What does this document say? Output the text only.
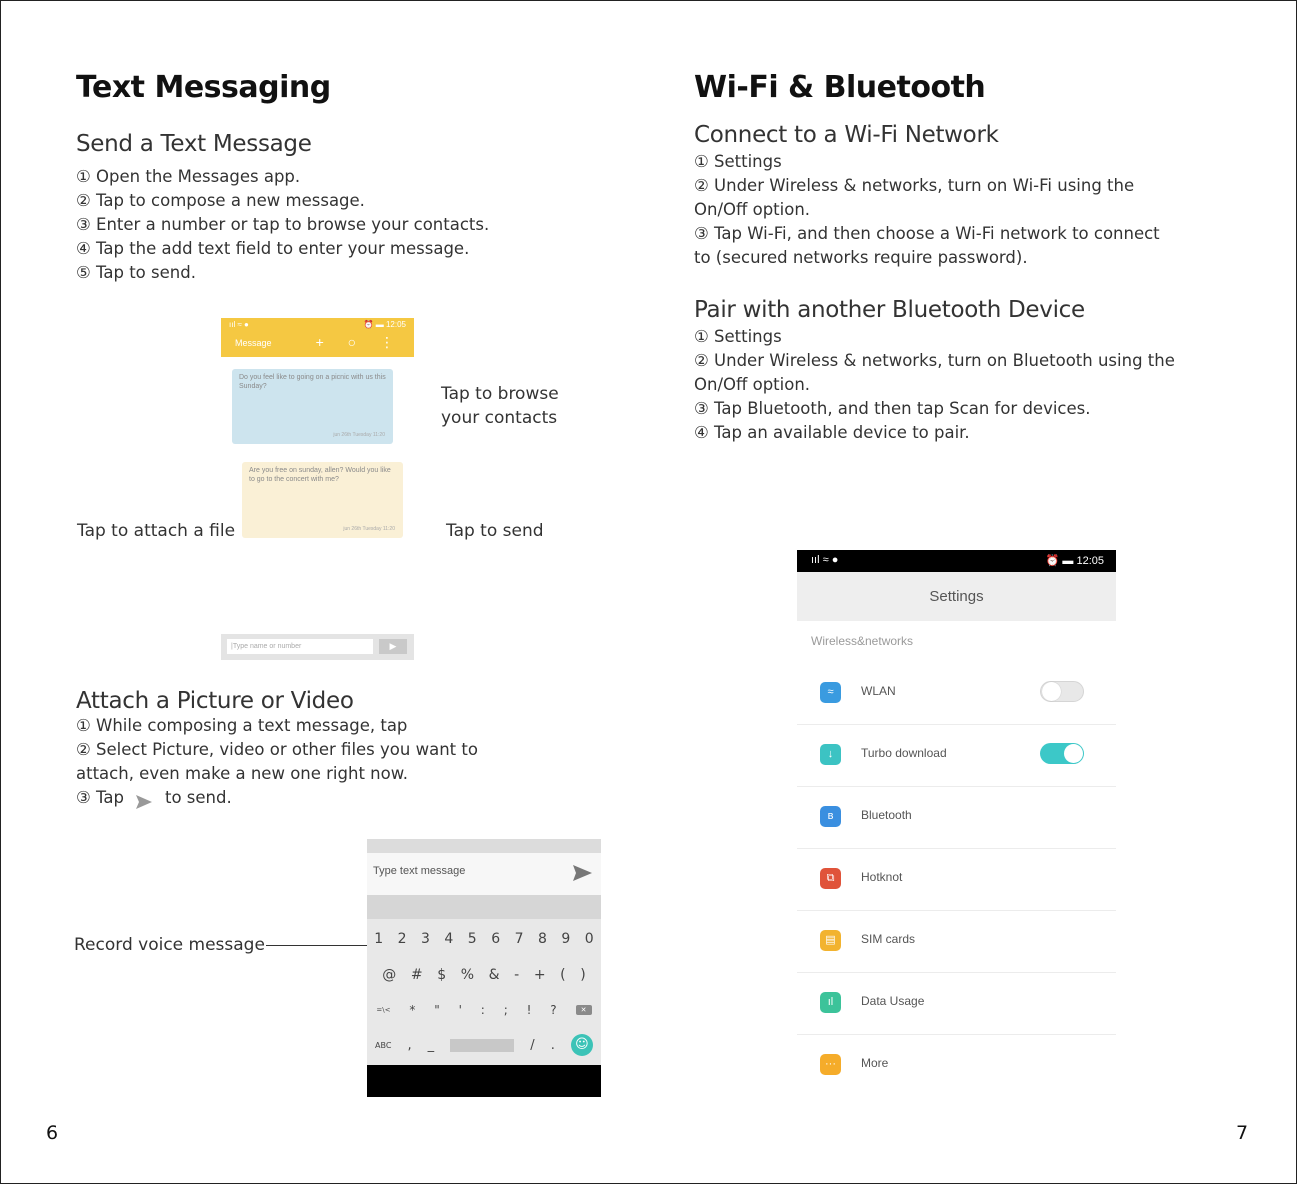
Text Messaging
Send a Text Message
① Open the Messages app.
② Tap to compose a new message.
③ Enter a number or tap to browse your contacts.
④ Tap the add text field to enter your message.
⑤ Tap to send.
ııl ≈ ●	⏰ ▬ 12:05
Message	+ ○ ⋮
Do you feel like to going on a picnic with us this Sunday?
jun 26th Tuesday 11:20
Are you free on sunday, allen? Would you like to go to the concert with me?
jun 26th Tuesday 11:20
|Type name or number	▶
Tap to browse
your contacts
Tap to attach a file	Tap to send
Attach a Picture or Video
① While composing a text message, tap
② Select Picture, video or other files you want to
attach, even make a new one right now.
③ Tap to send.
Type text message
1 2 3 4 5 6 7 8 9 0
@ # $ % & - + ( )
=\< * " ' : ; ! ?	✕
ABC , _	/ .	☺
Record voice message
6
Wi-Fi & Bluetooth
Connect to a Wi-Fi Network
① Settings
② Under Wireless & networks, turn on Wi-Fi using the
On/Off option.
③ Tap Wi-Fi, and then choose a Wi-Fi network to connect
to (secured networks require password).
Pair with another Bluetooth Device
① Settings
② Under Wireless & networks, turn on Bluetooth using the
On/Off option.
③ Tap Bluetooth, and then tap Scan for devices.
④ Tap an available device to pair.
ııl ≈ ●	⏰ ▬ 12:05
Settings
Wireless&networks
≈	WLAN
↓	Turbo download
ʙ	Bluetooth
⧉	Hotknot
▤	SIM cards
ıl	Data Usage
···	More
7
